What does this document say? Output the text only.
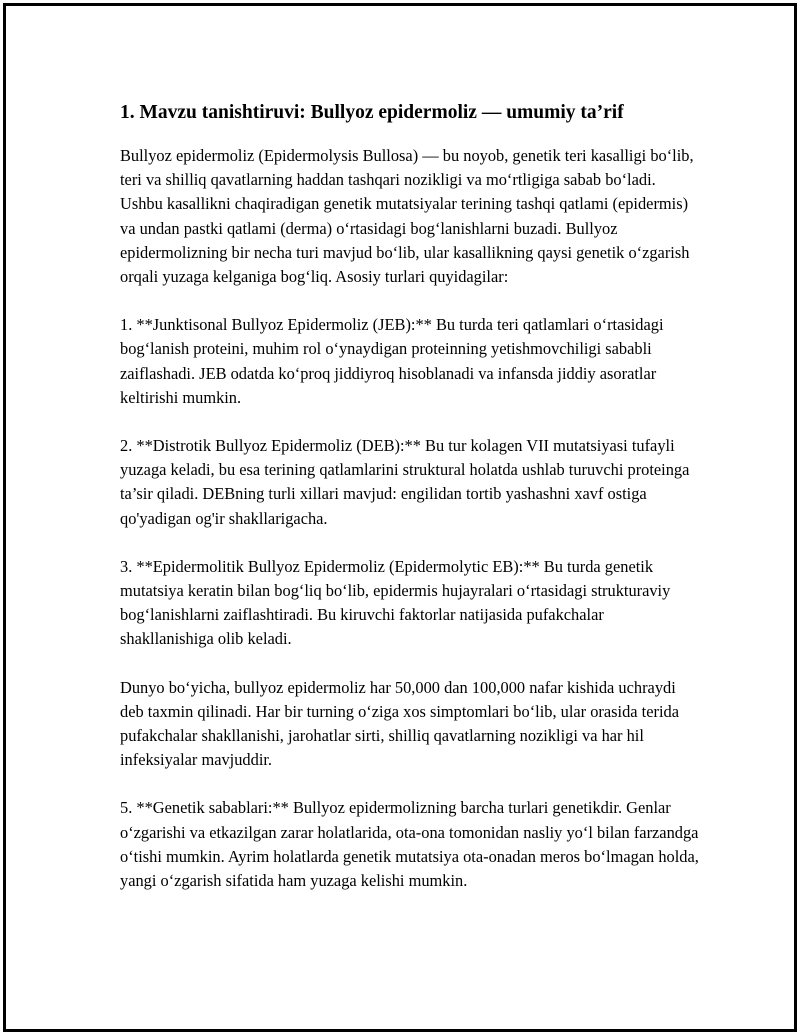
1. Mavzu tanishtiruvi: Bullyoz epidermoliz — umumiy ta’rif

Bullyoz epidermoliz (Epidermolysis Bullosa) — bu noyob, genetik teri kasalligi bo‘lib, teri va shilliq qavatlarning haddan tashqari nozikligi va mo‘rtligiga sabab bo‘ladi. Ushbu kasallikni chaqiradigan genetik mutatsiyalar terining tashqi qatlami (epidermis) va undan pastki qatlami (derma) o‘rtasidagi bog‘lanishlarni buzadi. Bullyoz epidermolizning bir necha turi mavjud bo‘lib, ular kasallikning qaysi genetik o‘zgarish orqali yuzaga kelganiga bog‘liq. Asosiy turlari quyidagilar:

1. **Junktisonal Bullyoz Epidermoliz (JEB):** Bu turda teri qatlamlari o‘rtasidagi bog‘lanish proteini, muhim rol o‘ynaydigan proteinning yetishmovchiligi sababli zaiflashadi. JEB odatda ko‘proq jiddiyroq hisoblanadi va infansda jiddiy asoratlar keltirishi mumkin.

2. **Distrotik Bullyoz Epidermoliz (DEB):** Bu tur kolagen VII mutatsiyasi tufayli yuzaga keladi, bu esa terining qatlamlarini struktural holatda ushlab turuvchi proteinga ta’sir qiladi. DEBning turli xillari mavjud: engilidan tortib yashashni xavf ostiga qo'yadigan og'ir shakllarigacha.

3. **Epidermolitik Bullyoz Epidermoliz (Epidermolytic EB):** Bu turda genetik mutatsiya keratin bilan bog‘liq bo‘lib, epidermis hujayralari o‘rtasidagi strukturaviy bog‘lanishlarni zaiflashtiradi. Bu kiruvchi faktorlar natijasida pufakchalar shakllanishiga olib keladi.

Dunyo bo‘yicha, bullyoz epidermoliz har 50,000 dan 100,000 nafar kishida uchraydi deb taxmin qilinadi. Har bir turning o‘ziga xos simptomlari bo‘lib, ular orasida terida pufakchalar shakllanishi, jarohatlar sirti, shilliq qavatlarning nozikligi va har hil infeksiyalar mavjuddir.

5. **Genetik sabablari:** Bullyoz epidermolizning barcha turlari genetikdir. Genlar o‘zgarishi va etkazilgan zarar holatlarida, ota-ona tomonidan nasliy yo‘l bilan farzandga o‘tishi mumkin. Ayrim holatlarda genetik mutatsiya ota-onadan meros bo‘lmagan holda, yangi o‘zgarish sifatida ham yuzaga kelishi mumkin.
